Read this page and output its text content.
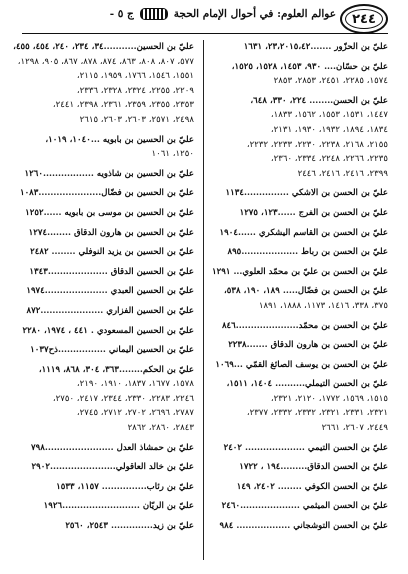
٢٤٤
عوالم العلوم: في أحوال الإمام الحجة
ج ٥ -

عليّ بن الحزّور .......٢٣،٢٠١٥،٤٢، ١٦٣١

عليّ بن حسّان.... ٩٣٠، ١٤٥٣، ١٥٢٨، ١٥٢٥،

١٥٧٤، ٢٢٨٥، ٢٤٥١، ٢٨٥٣، ٢٨٥٣

عليّ بن الحسن........ ٢٢٤، ٣٣٠، ٦٤٨،

١٤٤٧، ١٥٣١، ١٥٥٣، ١٥٦٢، ١٨٣٣،

١٨٣٤، ١٨٩٤، ١٩٣٢، ١٩٣٠، ٢١٣١،

٢١٥٥، ٢١٦٨، ٢٢٣٨، ٢٢٣٠، ٢٢٣٣، ٢٢٣٢،

٢٢٣٥، ٢٢٦٦، ٢٢٤٨، ٢٣٣٤، ٢٣٦٠،

٢٣٩٩، ٢٤١٦، ٢٤١٦، ٢٤٤٦

عليّ بن الحسن بن الاشكي ...............١١٣٤

عليّ بن الحسن بن الفرج ......١٢٣، ١٢٧٥

عليّ بن الحسن بن القاسم اليشكري ......١٩٠٤

عليّ بن الحسن بن رباط ...................٨٩٥

عليّ بن الحسن بن عليّ بن محمّد العلوي... ١٢٩١

عليّ بن الحسن بن فضّال..... ١٨٩، ١٩٠، ٥٣٨،

٣٧٥، ٣٣٨، ١٤١٦، ١١٧٣، ١٨٨٨، ١٨٩١

عليّ بن الحسن بن محمّد.....................٨٤٦

عليّ بن الحسن بن هارون الدقاق .......٢٢٣٨

عليّ بن الحسن بن يوسف الصائغ القمّي ...١٠٦٩

عليّ بن الحسن التيملي.......... ١٤٠٤، ١٥١١،

١٥١٥، ١٥٦٩، ١٧٧٢، ٢١٢٠، ٢٣٢١،

٢٣٢١، ٢٣٣١، ٢٣٢١، ٢٣٣٢، ٢٣٣٢، ٢٣٧٧،

٢٤٤٩، ٢٦٠٧، ٢٦٦١

عليّ بن الحسن التيمي .................... ٢٤٠٢

عليّ بن الحسن الدقاق.........١٩٤ ، ١٧٢٢

عليّ بن الحسن الكوفي ........ ٢٤٠٢، ١٤٩

عليّ بن الحسن الميثمي ....................٢٤٦٠

عليّ بن الحسن التوشجاني .................. ٩٨٤

عليّ بن الحسين...........٣٤، ٢٣٤، ٢٤٠، ٤٥٤، ٤٥٥،

٥٧٧، ٨٠٧، ٨٠٨، ٨٦٣، ٨٧٤، ٨٧٨، ٨٦٧، ٩٠٥، ١٢٩٨،

١٥٥١، ١٥٤٦، ١٧٦٦، ١٩٥٩، ٢١١٥،

٢٢٠٩، ٢٢٥٥، ٢٣٢٤، ٢٣٢٨، ٢٣٣٦،

٢٣٥٣، ٢٣٥٥، ٢٣٥٩، ٢٣٦١، ٢٣٩٨، ٢٤٤١،

٢٤٩٨، ٢٥٧١، ٢٦٠٣، ٢٦٠٣، ٢٦١٥

عليّ بن الحسين بن بابويه ...١٠٤٠، ١٠١٩،

١٢٥٠، ١٠٦١

عليّ بن الحسين بن شاذويه .................١٢٦٠

عليّ بن الحسين بن فضّال.....................١٠٨٣

عليّ بن الحسين بن موسى بن بابويه ......١٢٥٢

عليّ بن الحسين بن هارون الدقاق ........١٢٧٤

عليّ بن الحسين بن يزيد النوفلي ........ ٢٤٨٢

عليّ بن الحسين الدقاق ....................١٣٤٣

عليّ بن الحسين العبدي .....................١٩٧٤

عليّ بن الحسين الفزاري .....................٨٧٢

عليّ بن الحسين المسعودي . ٤٤١ ، ١٩٧٤، ٢٢٨٠

عليّ بن الحسين اليماني ................ذح١٠٣٧

عليّ بن الحكم........٣٦٣، ٣٠٤، ٨٦٨، ١١١٩،

١٥٧٨، ١٦٧٧، ١٨٣٧، ١٩١٠، ٢١٩٠،

٢٢٤٦، ٢٢٨٣، ٢٣٣٠، ٢٣٤٤، ٢٤١٧، ٢٧٥٠،

٢٧٨٧، ٢٦٩٦، ٢٧٠٢، ٢٧١٢، ٢٧٤٥،

٢٨٤٣، ٢٨٦٠، ٢٨٦٢

عليّ بن حمشاذ العدل .......................٧٩٨

عليّ بن خالد العاقولي......................٢٩٠٢

عليّ بن رئاب............... ١١٥٧، ١٥٣٣

عليّ بن الريّان ..........................١٩٢٦

عليّ بن زيد.............. ٢٥٤٣، ٢٥٦٠
